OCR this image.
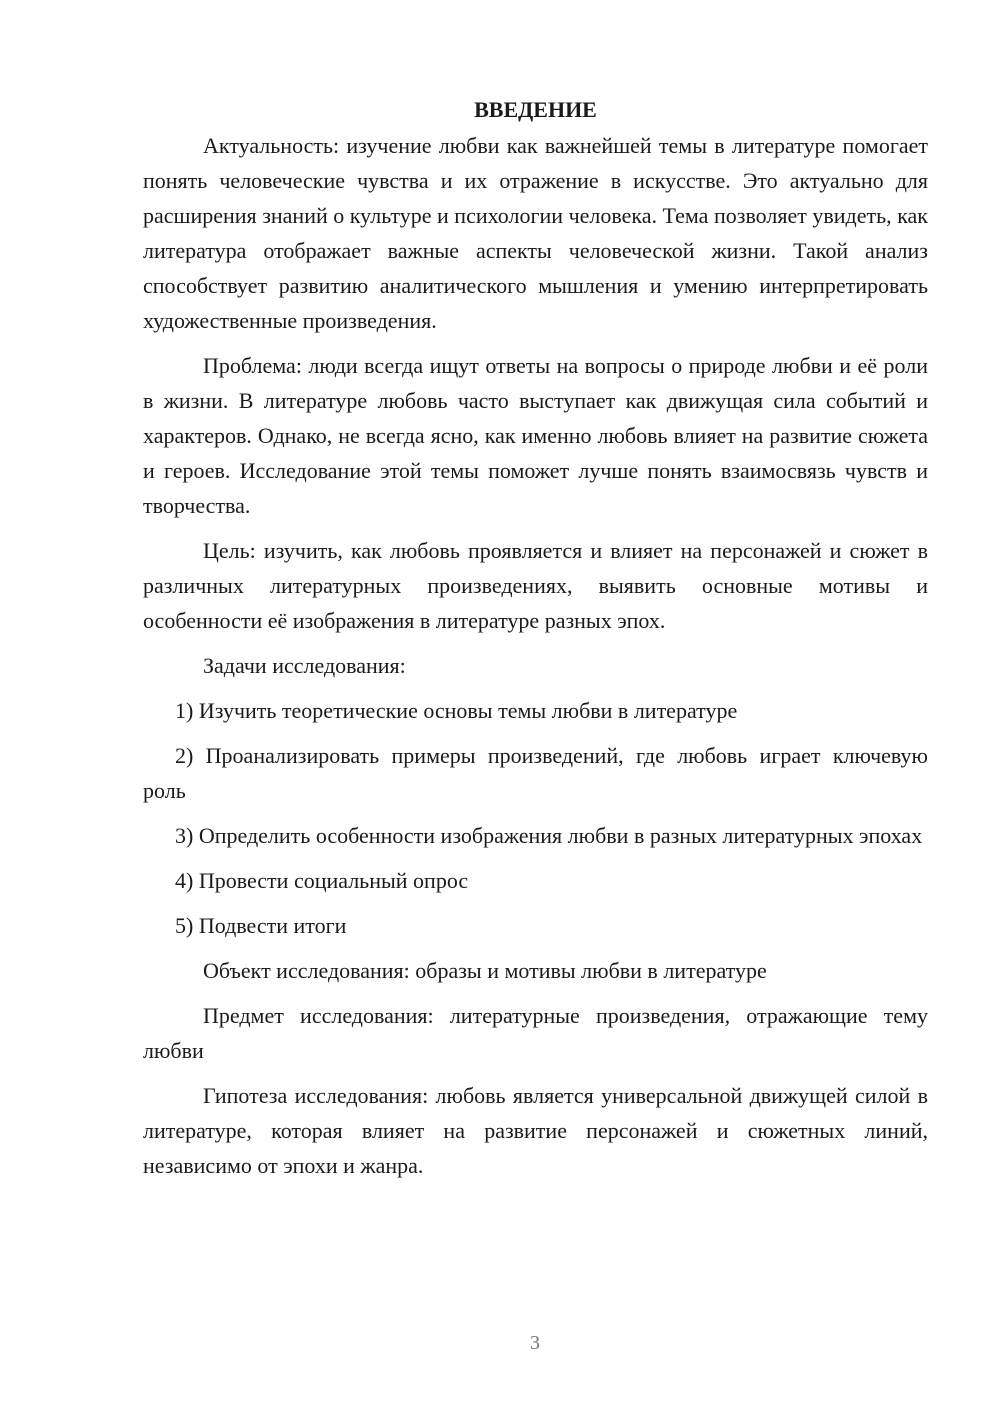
ВВЕДЕНИЕ

Актуальность: изучение любви как важнейшей темы в литературе помогает понять человеческие чувства и их отражение в искусстве. Это актуально для расширения знаний о культуре и психологии человека. Тема позволяет увидеть, как литература отображает важные аспекты человеческой жизни. Такой анализ способствует развитию аналитического мышления и умению интерпретировать художественные произведения.

Проблема: люди всегда ищут ответы на вопросы о природе любви и её роли в жизни. В литературе любовь часто выступает как движущая сила событий и характеров. Однако, не всегда ясно, как именно любовь влияет на развитие сюжета и героев. Исследование этой темы поможет лучше понять взаимосвязь чувств и творчества.

Цель: изучить, как любовь проявляется и влияет на персонажей и сюжет в различных литературных произведениях, выявить основные мотивы и особенности её изображения в литературе разных эпох.

Задачи исследования:

1) Изучить теоретические основы темы любви в литературе

2) Проанализировать примеры произведений, где любовь играет ключевую роль

3) Определить особенности изображения любви в разных литературных эпохах

4) Провести социальный опрос

5) Подвести итоги

Объект исследования: образы и мотивы любви в литературе

Предмет исследования: литературные произведения, отражающие тему любви

Гипотеза исследования: любовь является универсальной движущей силой в литературе, которая влияет на развитие персонажей и сюжетных линий, независимо от эпохи и жанра.

3
